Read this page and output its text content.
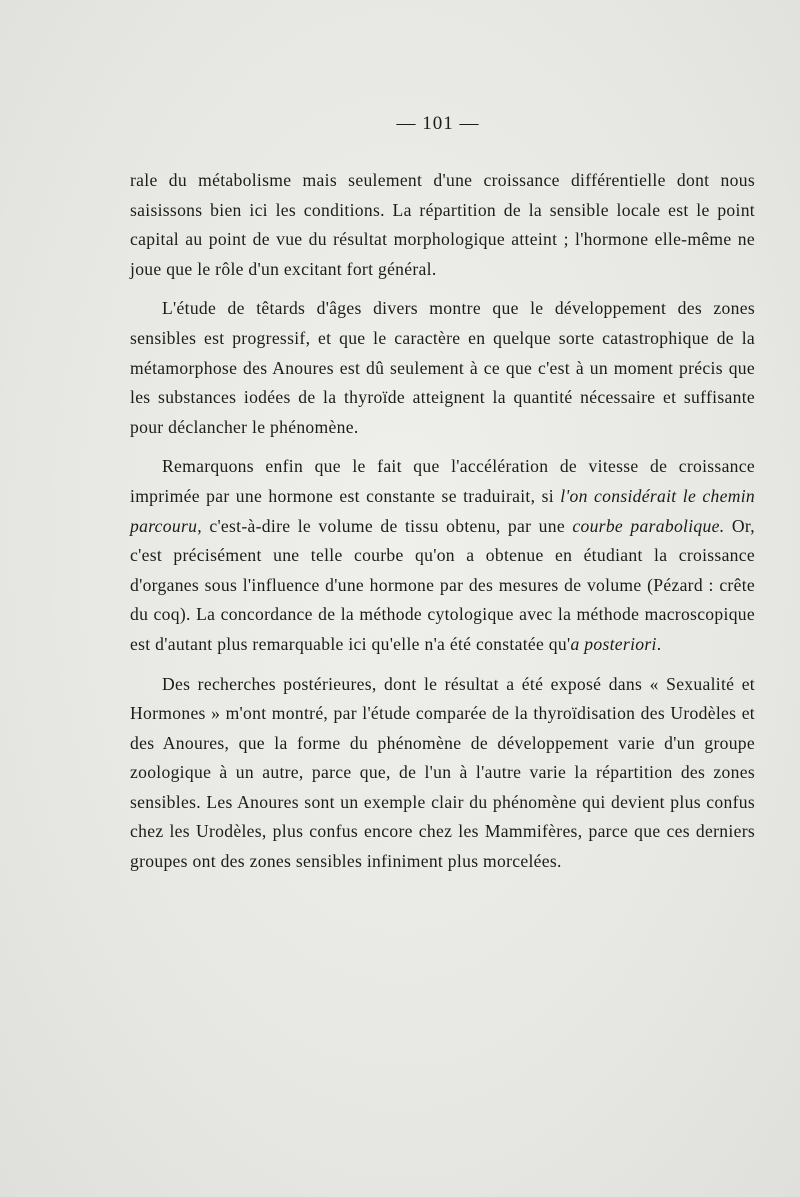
— 101 —

rale du métabolisme mais seulement d'une croissance différentielle dont nous saisissons bien ici les conditions. La répartition de la sensible locale est le point capital au point de vue du résultat morphologique atteint ; l'hormone elle-même ne joue que le rôle d'un excitant fort général.

L'étude de têtards d'âges divers montre que le développement des zones sensibles est progressif, et que le caractère en quelque sorte catastrophique de la métamorphose des Anoures est dû seulement à ce que c'est à un moment précis que les substances iodées de la thyroïde atteignent la quantité nécessaire et suffisante pour déclancher le phénomène.

Remarquons enfin que le fait que l'accélération de vitesse de croissance imprimée par une hormone est constante se traduirait, si l'on considérait le chemin parcouru, c'est-à-dire le volume de tissu obtenu, par une courbe parabolique. Or, c'est précisément une telle courbe qu'on a obtenue en étudiant la croissance d'organes sous l'influence d'une hormone par des mesures de volume (Pézard : crête du coq). La concordance de la méthode cytologique avec la méthode macroscopique est d'autant plus remarquable ici qu'elle n'a été constatée qu'a posteriori.

Des recherches postérieures, dont le résultat a été exposé dans « Sexualité et Hormones » m'ont montré, par l'étude comparée de la thyroïdisation des Urodèles et des Anoures, que la forme du phénomène de développement varie d'un groupe zoologique à un autre, parce que, de l'un à l'autre varie la répartition des zones sensibles. Les Anoures sont un exemple clair du phénomène qui devient plus confus chez les Urodèles, plus confus encore chez les Mammifères, parce que ces derniers groupes ont des zones sensibles infiniment plus morcelées.
